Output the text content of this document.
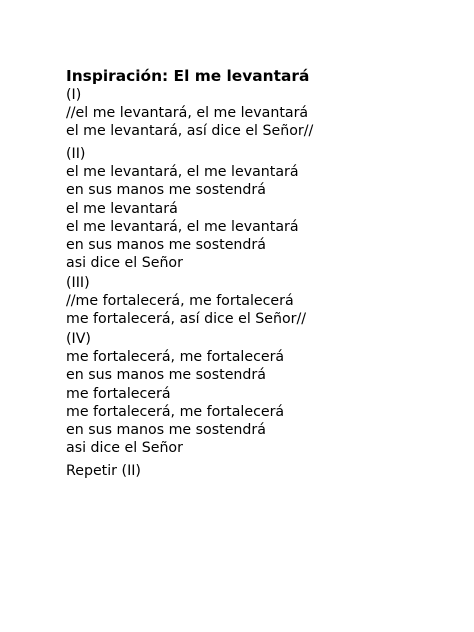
Inspiración: El me levantará
(I)
//el me levantará, el me levantará
el me levantará, así dice el Señor//
(II)
el me levantará, el me levantará
en sus manos me sostendrá
el me levantará
el me levantará, el me levantará
en sus manos me sostendrá
asi dice el Señor
(III)
//me fortalecerá, me fortalecerá
me fortalecerá, así dice el Señor//
(IV)
me fortalecerá, me fortalecerá
en sus manos me sostendrá
me fortalecerá
me fortalecerá, me fortalecerá
en sus manos me sostendrá
asi dice el Señor
Repetir (II)
